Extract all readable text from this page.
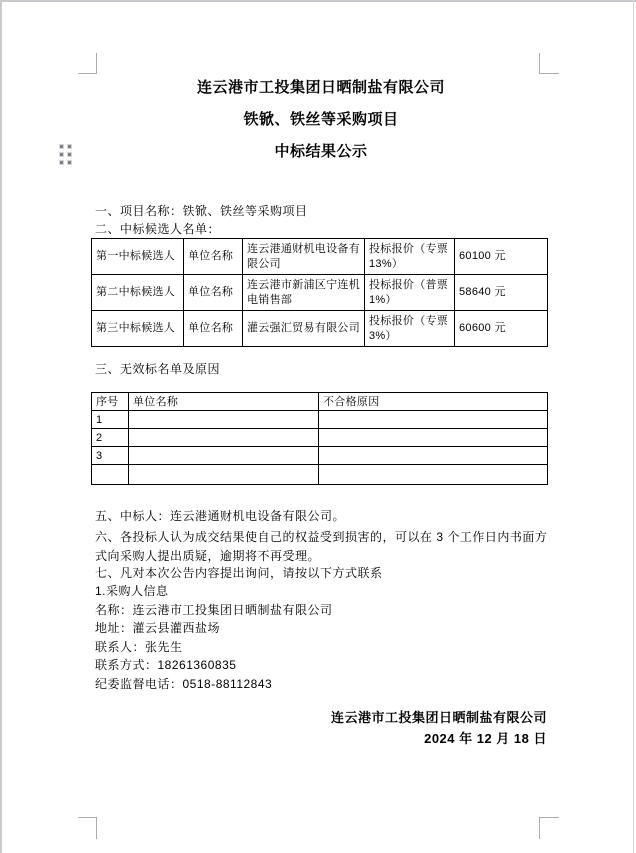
连云港市工投集团日晒制盐有限公司
铁锨、铁丝等采购项目
中标结果公示
一、项目名称：铁锨、铁丝等采购项目
二、中标候选人名单：
第一中标候选人	单位名称	连云港通财机电设备有限公司	投标报价（专票13%）	60100 元
第二中标候选人	单位名称	连云港市新浦区宁连机电销售部	投标报价（普票1%）	58640 元
第三中标候选人	单位名称	灌云强汇贸易有限公司	投标报价（专票3%）	60600 元
三、无效标名单及原因
序号	单位名称	不合格原因
1		
2		
3		

五、中标人：连云港通财机电设备有限公司。
六、各投标人认为成交结果使自己的权益受到损害的，可以在 3 个工作日内书面方式向采购人提出质疑，逾期将不再受理。
七、凡对本次公告内容提出询问，请按以下方式联系
1.采购人信息
名称：连云港市工投集团日晒制盐有限公司
地址：灌云县灌西盐场
联系人：张先生
联系方式：18261360835
纪委监督电话：0518-88112843
连云港市工投集团日晒制盐有限公司
2024 年 12 月 18 日
